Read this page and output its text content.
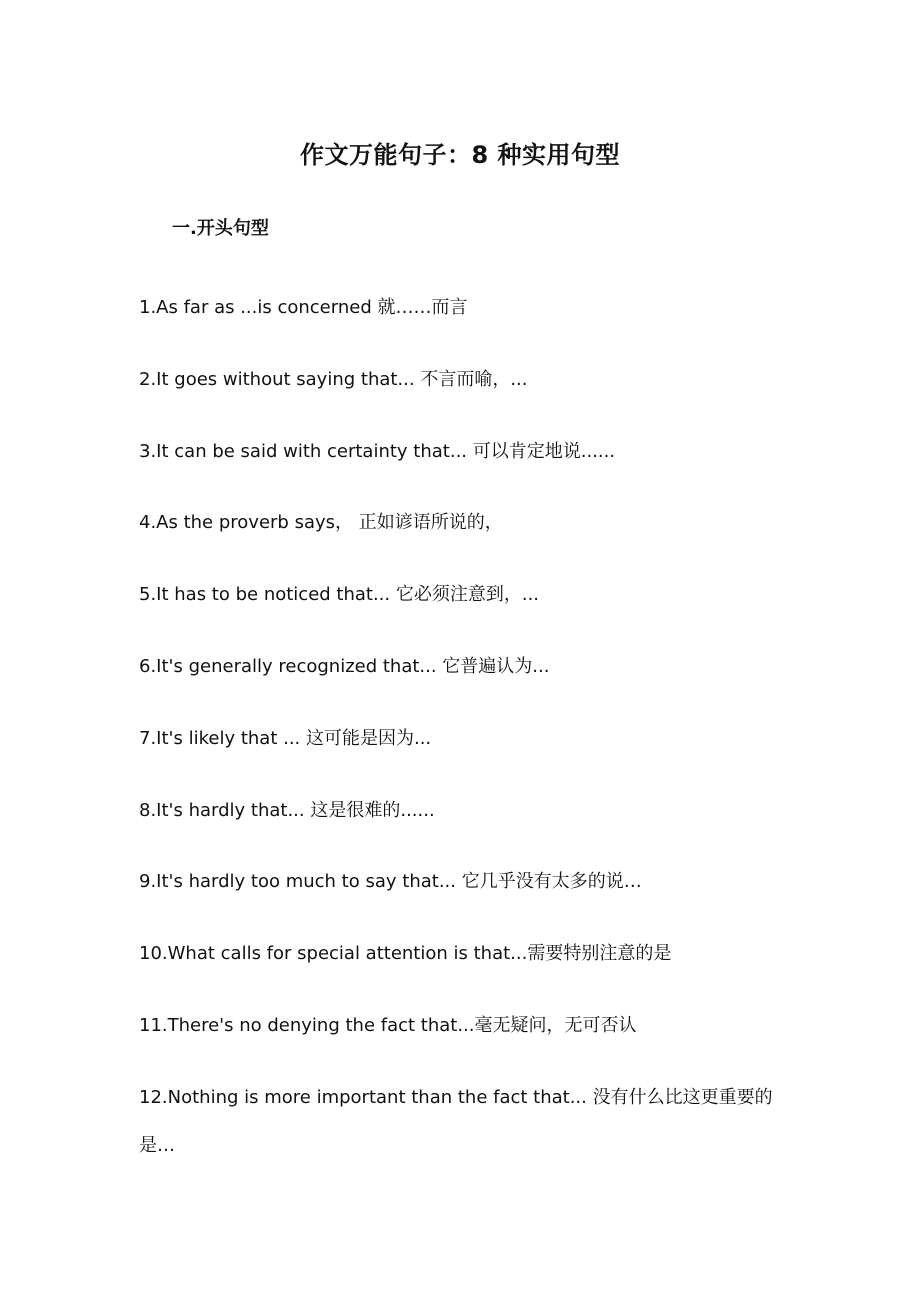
作文万能句子：8 种实用句型
一.开头句型
1.As far as ...is concerned 就……而言
2.It goes without saying that... 不言而喻，...
3.It can be said with certainty that... 可以肯定地说......
4.As the proverb says， 正如谚语所说的，
5.It has to be noticed that... 它必须注意到，...
6.It's generally recognized that... 它普遍认为...
7.It's likely that ... 这可能是因为...
8.It's hardly that... 这是很难的......
9.It's hardly too much to say that... 它几乎没有太多的说…
10.What calls for special attention is that...需要特别注意的是
11.There's no denying the fact that...毫无疑问，无可否认
12.Nothing is more important than the fact that... 没有什么比这更重要的是…
